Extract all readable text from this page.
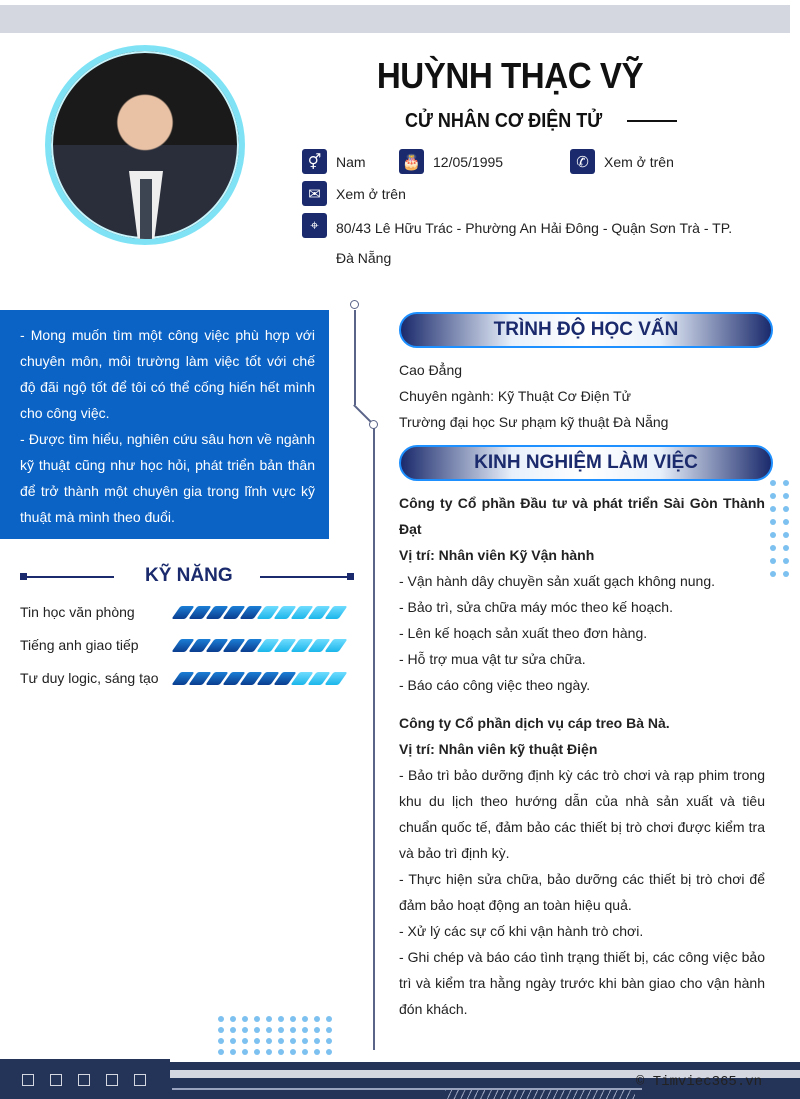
HUỲNH THẠC VỸ
CỬ NHÂN CƠ ĐIỆN TỬ
⚥	Nam 🎂 12/05/1995	✆	Xem ở trên
✉	Xem ở trên
⌖	80/43 Lê Hữu Trác - Phường An Hải Đông - Quận Sơn Trà - TP. Đà Nẵng

- Mong muốn tìm một công việc phù hợp với chuyên môn, môi trường làm việc tốt với chế độ đãi ngộ tốt để tôi có thể cống hiến hết mình cho công việc.

- Được tìm hiểu, nghiên cứu sâu hơn về ngành kỹ thuật cũng như học hỏi, phát triển bản thân để trở thành một chuyên gia trong lĩnh vực kỹ thuật mà mình theo đuổi.

KỸ NĂNG
Tin học văn phòng
Tiếng anh giao tiếp
Tư duy logic, sáng tạo
TRÌNH ĐỘ HỌC VẤN
Cao Đẳng
Chuyên ngành: Kỹ Thuật Cơ Điện Tử
Trường đại học Sư phạm kỹ thuật Đà Nẵng
KINH NGHIỆM LÀM VIỆC
Công ty Cổ phần Đầu tư và phát triển Sài Gòn Thành Đạt
Vị trí: Nhân viên Kỹ Vận hành
- Vận hành dây chuyền sản xuất gạch không nung.
- Bảo trì, sửa chữa máy móc theo kế hoạch.
- Lên kế hoạch sản xuất theo đơn hàng.
- Hỗ trợ mua vật tư sửa chữa.
- Báo cáo công việc theo ngày.
Công ty Cổ phần dịch vụ cáp treo Bà Nà.
Vị trí: Nhân viên kỹ thuật Điện
- Bảo trì bảo dưỡng định kỳ các trò chơi và rạp phim trong khu du lịch theo hướng dẫn của nhà sản xuất và tiêu chuẩn quốc tế, đảm bảo các thiết bị trò chơi được kiểm tra và bảo trì định kỳ.
- Thực hiện sửa chữa, bảo dưỡng các thiết bị trò chơi để đảm bảo hoạt động an toàn hiệu quả.
- Xử lý các sự cố khi vận hành trò chơi.
- Ghi chép và báo cáo tình trạng thiết bị, các công việc bảo trì và kiểm tra hằng ngày trước khi bàn giao cho vận hành đón khách.
© Timviec365.vn
